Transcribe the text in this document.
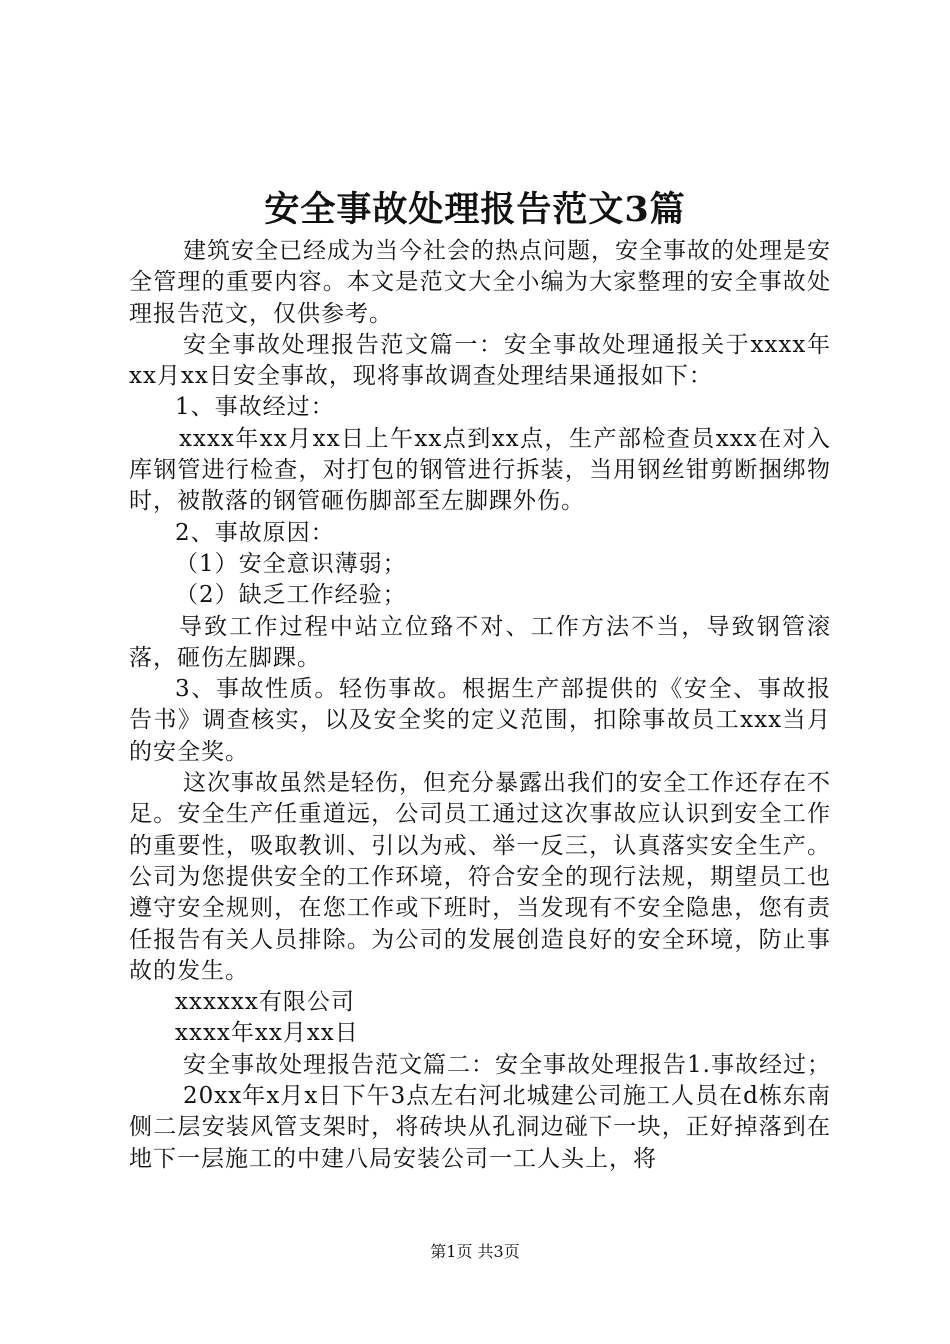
安全事故处理报告范文3篇

建筑安全已经成为当今社会的热点问题，安全事故的处理是安全管理的重要内容。本文是范文大全小编为大家整理的安全事故处理报告范文，仅供参考。

安全事故处理报告范文篇一：安全事故处理通报关于xxxx年xx月xx日安全事故，现将事故调查处理结果通报如下：

1、事故经过：

xxxx年xx月xx日上午xx点到xx点，生产部检查员xxx在对入库钢管进行检查，对打包的钢管进行拆装，当用钢丝钳剪断捆绑物时，被散落的钢管砸伤脚部至左脚踝外伤。

2、事故原因：

（1）安全意识薄弱；

（2）缺乏工作经验；

导致工作过程中站立位臵不对、工作方法不当，导致钢管滚落，砸伤左脚踝。

3、事故性质。轻伤事故。根据生产部提供的《安全、事故报告书》调查核实，以及安全奖的定义范围，扣除事故员工xxx当月的安全奖。

这次事故虽然是轻伤，但充分暴露出我们的安全工作还存在不足。安全生产任重道远，公司员工通过这次事故应认识到安全工作的重要性，吸取教训、引以为戒、举一反三，认真落实安全生产。公司为您提供安全的工作环境，符合安全的现行法规，期望员工也遵守安全规则，在您工作或下班时，当发现有不安全隐患，您有责任报告有关人员排除。为公司的发展创造良好的安全环境，防止事故的发生。

xxxxxx有限公司

xxxx年xx月xx日

安全事故处理报告范文篇二：安全事故处理报告1.事故经过；

20xx年x月x日下午3点左右河北城建公司施工人员在d栋东南侧二层安装风管支架时，将砖块从孔洞边碰下一块，正好掉落到在地下一层施工的中建八局安装公司一工人头上，将

第1页 共3页
